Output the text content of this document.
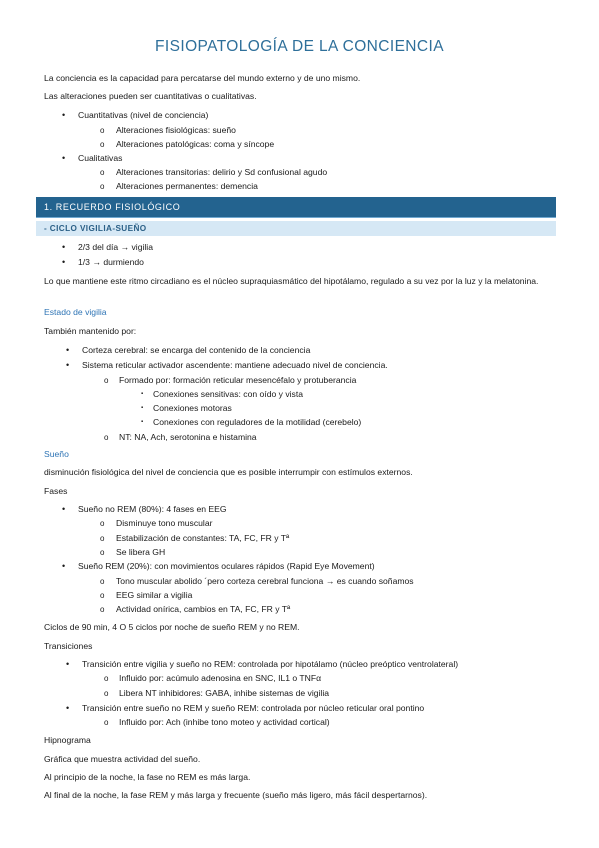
FISIOPATOLOGÍA DE LA CONCIENCIA
La conciencia es la capacidad para percatarse del mundo externo y de uno mismo.
Las alteraciones pueden ser cuantitativas o cualitativas.
• Cuantitativas (nivel de conciencia)
o Alteraciones fisiológicas: sueño
o Alteraciones patológicas: coma y síncope
• Cualitativas
o Alteraciones transitorias: delirio y Sd confusional agudo
o Alteraciones permanentes: demencia
1. RECUERDO FISIOLÓGICO
- CICLO VIGILIA-SUEÑO
• 2/3 del día → vigilia
• 1/3 → durmiendo
Lo que mantiene este ritmo circadiano es el núcleo supraquiasmático del hipotálamo, regulado a su vez por la luz y la melatonina.
Estado de vigilia
También mantenido por:
• Corteza cerebral: se encarga del contenido de la conciencia
• Sistema reticular activador ascendente: mantiene adecuado nivel de conciencia.
o Formado por: formación reticular mesencéfalo y protuberancia
▪ Conexiones sensitivas: con oído y vista
▪ Conexiones motoras
▪ Conexiones con reguladores de la motilidad (cerebelo)
o NT: NA, Ach, serotonina e histamina
Sueño
disminución fisiológica del nivel de conciencia que es posible interrumpir con estímulos externos.
Fases
• Sueño no REM (80%): 4 fases en EEG
o Disminuye tono muscular
o Estabilización de constantes: TA, FC, FR y Tª
o Se libera GH
• Sueño REM (20%): con movimientos oculares rápidos (Rapid Eye Movement)
o Tono muscular abolido ´pero corteza cerebral funciona → es cuando soñamos
o EEG similar a vigilia
o Actividad onírica, cambios en TA, FC, FR y Tª
Ciclos de 90 min, 4 O 5 ciclos por noche de sueño REM y no REM.
Transiciones
• Transición entre vigilia y sueño no REM: controlada por hipotálamo (núcleo preóptico ventrolateral)
o Influido por: acúmulo adenosina en SNC, IL1 o TNFα
o Libera NT inhibidores: GABA, inhibe sistemas de vigilia
• Transición entre sueño no REM y sueño REM: controlada por núcleo reticular oral pontino
o Influido por: Ach (inhibe tono moteo y actividad cortical)
Hipnograma
Gráfica que muestra actividad del sueño.
Al principio de la noche, la fase no REM es más larga.
Al final de la noche, la fase REM y más larga y frecuente (sueño más ligero, más fácil despertarnos).
